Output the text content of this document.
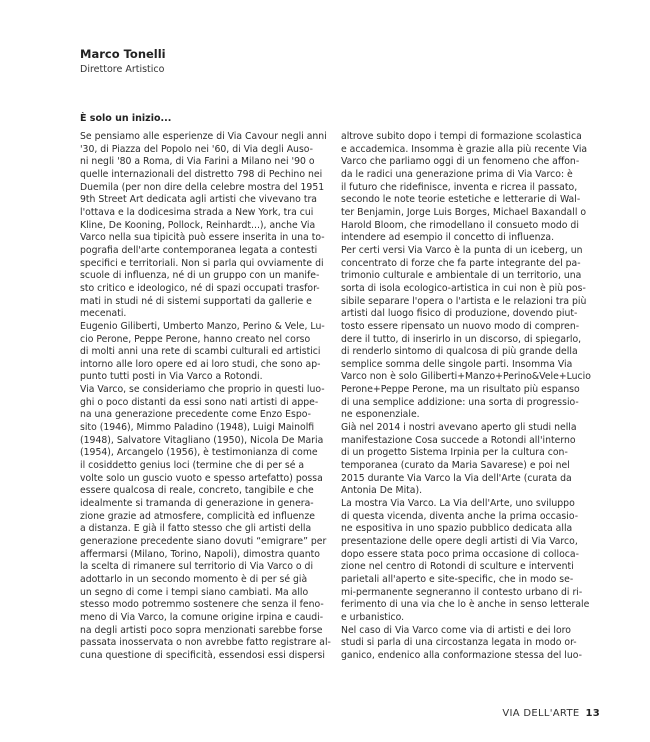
Marco Tonelli
Direttore Artistico
È solo un inizio...

Se pensiamo alle esperienze di Via Cavour negli anni

'30, di Piazza del Popolo nei '60, di Via degli Auso-

ni negli '80 a Roma, di Via Farini a Milano nei '90 o

quelle internazionali del distretto 798 di Pechino nei

Duemila (per non dire della celebre mostra del 1951

9th Street Art dedicata agli artisti che vivevano tra

l'ottava e la dodicesima strada a New York, tra cui

Kline, De Kooning, Pollock, Reinhardt...), anche Via

Varco nella sua tipicità può essere inserita in una to-

pografia dell'arte contemporanea legata a contesti

specifici e territoriali. Non si parla qui ovviamente di

scuole di influenza, né di un gruppo con un manife-

sto critico e ideologico, né di spazi occupati trasfor-

mati in studi né di sistemi supportati da gallerie e

mecenati.

Eugenio Giliberti, Umberto Manzo, Perino & Vele, Lu-

cio Perone, Peppe Perone, hanno creato nel corso

di molti anni una rete di scambi culturali ed artistici

intorno alle loro opere ed ai loro studi, che sono ap-

punto tutti posti in Via Varco a Rotondi.

Via Varco, se consideriamo che proprio in questi luo-

ghi o poco distanti da essi sono nati artisti di appe-

na una generazione precedente come Enzo Espo-

sito (1946), Mimmo Paladino (1948), Luigi Mainolfi

(1948), Salvatore Vitagliano (1950), Nicola De Maria

(1954), Arcangelo (1956), è testimonianza di come

il cosiddetto genius loci (termine che di per sé a

volte solo un guscio vuoto e spesso artefatto) possa

essere qualcosa di reale, concreto, tangibile e che

idealmente si tramanda di generazione in genera-

zione grazie ad atmosfere, complicità ed influenze

a distanza. E già il fatto stesso che gli artisti della

generazione precedente siano dovuti “emigrare” per

affermarsi (Milano, Torino, Napoli), dimostra quanto

la scelta di rimanere sul territorio di Via Varco o di

adottarlo in un secondo momento è di per sé già

un segno di come i tempi siano cambiati. Ma allo

stesso modo potremmo sostenere che senza il feno-

meno di Via Varco, la comune origine irpina e caudi-

na degli artisti poco sopra menzionati sarebbe forse

passata inosservata o non avrebbe fatto registrare al-

cuna questione di specificità, essendosi essi dispersi

altrove subito dopo i tempi di formazione scolastica

e accademica. Insomma è grazie alla più recente Via

Varco che parliamo oggi di un fenomeno che affon-

da le radici una generazione prima di Via Varco: è

il futuro che ridefinisce, inventa e ricrea il passato,

secondo le note teorie estetiche e letterarie di Wal-

ter Benjamin, Jorge Luis Borges, Michael Baxandall o

Harold Bloom, che rimodellano il consueto modo di

intendere ad esempio il concetto di influenza.

Per certi versi Via Varco è la punta di un iceberg, un

concentrato di forze che fa parte integrante del pa-

trimonio culturale e ambientale di un territorio, una

sorta di isola ecologico-artistica in cui non è più pos-

sibile separare l'opera o l'artista e le relazioni tra più

artisti dal luogo fisico di produzione, dovendo piut-

tosto essere ripensato un nuovo modo di compren-

dere il tutto, di inserirlo in un discorso, di spiegarlo,

di renderlo sintomo di qualcosa di più grande della

semplice somma delle singole parti. Insomma Via

Varco non è solo Giliberti+Manzo+Perino&Vele+Lucio

Perone+Peppe Perone, ma un risultato più espanso

di una semplice addizione: una sorta di progressio-

ne esponenziale.

Già nel 2014 i nostri avevano aperto gli studi nella

manifestazione Cosa succede a Rotondi all'interno

di un progetto Sistema Irpinia per la cultura con-

temporanea (curato da Maria Savarese) e poi nel

2015 durante Via Varco la Via dell'Arte (curata da

Antonia De Mita).

La mostra Via Varco. La Via dell'Arte, uno sviluppo

di questa vicenda, diventa anche la prima occasio-

ne espositiva in uno spazio pubblico dedicata alla

presentazione delle opere degli artisti di Via Varco,

dopo essere stata poco prima occasione di colloca-

zione nel centro di Rotondi di sculture e interventi

parietali all'aperto e site-specific, che in modo se-

mi-permanente segneranno il contesto urbano di ri-

ferimento di una via che lo è anche in senso letterale

e urbanistico.

Nel caso di Via Varco come via di artisti e dei loro

studi si parla di una circostanza legata in modo or-

ganico, endenico alla conformazione stessa del luo-

VIA DELL'ARTE 13
